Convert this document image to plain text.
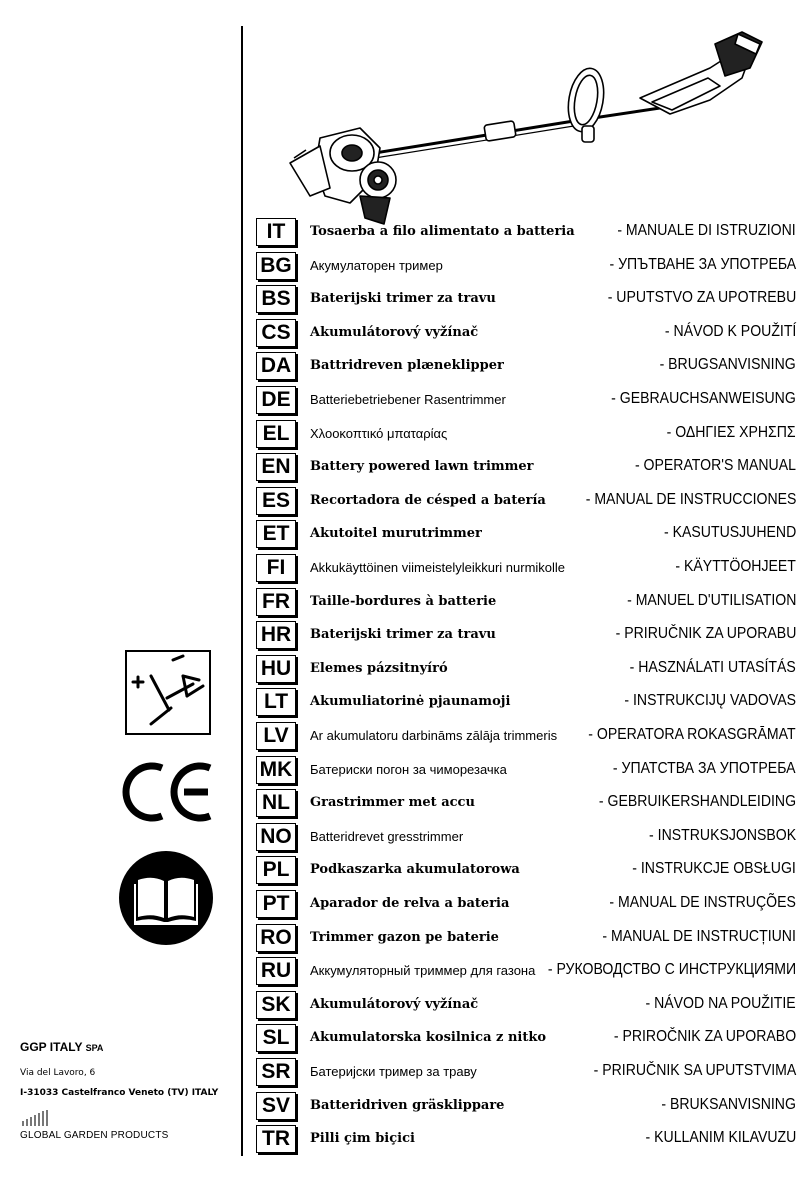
IT	Tosaerba a filo alimentato a batteria	- MANUALE DI ISTRUZIONI
BG	Акумулаторен тример	- УПЪТВАНЕ ЗА УПОТРЕБА
BS	Baterijski trimer za travu	- UPUTSTVO ZA UPOTREBU
CS	Akumulátorový vyžínač	- NÁVOD K POUŽITÍ
DA	Battridreven plæneklipper	- BRUGSANVISNING
DE	Batteriebetriebener Rasentrimmer	- GEBRAUCHSANWEISUNG
EL	Χλοοκοπτικό μπαταρίας	- ΟΔΗΓΙΕΣ ΧΡΗΣΠΣ
EN	Battery powered lawn trimmer	- OPERATOR'S MANUAL
ES	Recortadora de césped a batería - MANUAL DE INSTRUCCIONES
ET	Akutoitel murutrimmer	- KASUTUSJUHEND
FI	Akkukäyttöinen viimeistelyleikkuri nurmikolle	- KÄYTTÖOHJEET
FR	Taille-bordures à batterie	- MANUEL D'UTILISATION
HR	Baterijski trimer za travu	- PRIRUČNIK ZA UPORABU
HU	Elemes pázsitnyíró	- HASZNÁLATI UTASÍTÁS
LT	Akumuliatorinė pjaunamoji	- INSTRUKCIJŲ VADOVAS
LV	Ar akumulatoru darbināms zālāja trimmeris - OPERATORA ROKASGRĀMAT
MK Батериски погон за чиморезачка	- УПАТСТВА ЗА УПОТРЕБА
NL	Grastrimmer met accu	- GEBRUIKERSHANDLEIDING
NO	Batteridrevet gresstrimmer	- INSTRUKSJONSBOK
PL	Podkaszarka akumulatorowa	- INSTRUKCJE OBSŁUGI
PT	Aparador de relva a bateria	- MANUAL DE INSTRUÇÕES
RO	Trimmer gazon pe baterie	- MANUAL DE INSTRUCȚIUNI
RU	Аккумуляторный триммер для газона - РУКОВОДСТВО С ИНСТРУКЦИЯМИ
SK	Akumulátorový vyžínač	- NÁVOD NA POUŽITIE
SL	Akumulatorska kosilnica z nitko	- PRIROČNIK ZA UPORABO
SR	Батеријски тример за траву	- PRIRUČNIK SA UPUTSTVIMA
SV	Batteridriven gräsklippare	- BRUKSANVISNING
TR	Pilli çim biçici	- KULLANIM KILAVUZU
GGP ITALY SPA
Via del Lavoro, 6
I-31033 Castelfranco Veneto (TV) ITALY
GLOBAL GARDEN PRODUCTS
